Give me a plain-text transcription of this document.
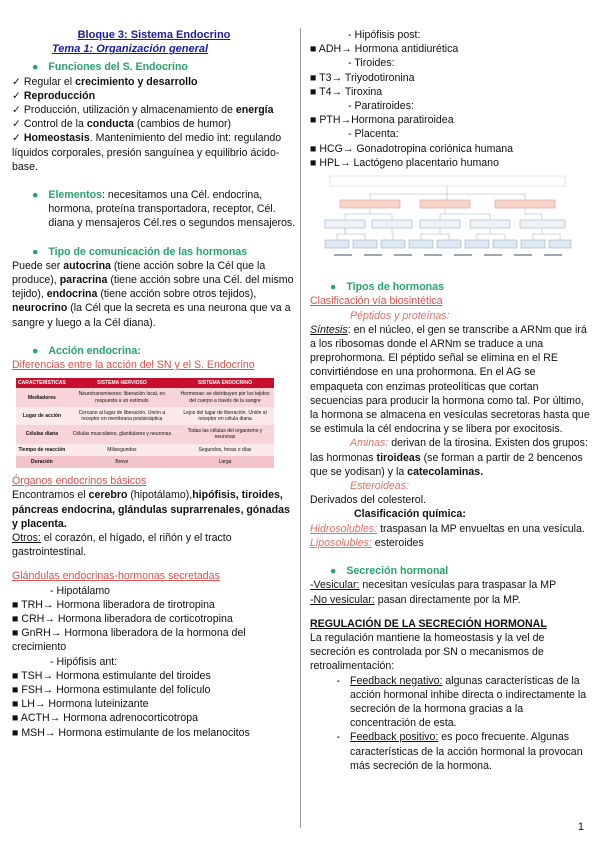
Bloque 3: Sistema Endocrino
Tema 1: Organización general
● Funciones del S. Endocrino
✓ Regular el crecimiento y desarrollo
✓ Reproducción
✓ Producción, utilización y almacenamiento de energía
✓ Control de la conducta (cambios de humor)
✓ Homeostasis. Mantenimiento del medio int: regulando líquidos corporales, presión sanguínea y equilibrio ácido-base.
● Elementos: necesitamos una Cél. endocrina, hormona, proteína transportadora, receptor, Cél. diana y mensajeros Cél.res o segundos mensajeros.
● Tipo de comunicación de las hormonas

Puede ser autocrina (tiene acción sobre la Cél que la produce), paracrina (tiene acción sobre una Cél. del mismo tejido), endocrina (tiene acción sobre otros tejidos), neurocrino (la Cél que la secreta es una neurona que va a sangre y luego a la Cél diana).

● Acción endocrina:
Diferencias entre la acción del SN y el S. Endocrino
CARACTERÍSTICAS	SISTEMA NERVIOSO	SISTEMA ENDOCRINO
Mediadores	Neurotransmisores: liberación local, en respuesta a un estímulo	Hormonas: se distribuyen por los tejidos del cuerpo a través de la sangre
Lugar de acción	Cercano al lugar de liberación. Unión a receptor en membrana postsináptica	Lejos del lugar de liberación. Unión al receptor en célula diana
Células diana	Células musculares, glandulares y neuronas	Todas las células del organismo y neuronas
Tiempo de reacción	Milisegundos	Segundos, horas o días
Duración	Breve	Larga
Órganos endocrinos básicos

Encontramos el cerebro (hipotálamo),hipófisis, tiroides, páncreas endocrina, glándulas suprarrenales, gónadas y placenta.

Otros: el corazón, el hígado, el riñón y el tracto gastrointestinal.

Glándulas endocrinas-hormonas secretadas
- Hipotálamo
■ TRH→ Hormona liberadora de tirotropina
■ CRH→ Hormona liberadora de corticotropina
■ GnRH→ Hormona liberadora de la hormona del crecimiento
- Hipófisis ant:
■ TSH→ Hormona estimulante del tiroides
■ FSH→ Hormona estimulante del folículo
■ LH→ Hormona luteinizante
■ ACTH→ Hormona adrenocorticotropa
■ MSH→ Hormona estimulante de los melanocitos
- Hipófisis post:
■ ADH→ Hormona antidiurética
- Tiroides:
■ T3→ Triyodotironina
■ T4→ Tiroxina
- Paratiroides:
■ PTH→Hormona paratiroidea
- Placenta:
■ HCG→ Gonadotropina coriónica humana
■ HPL→ Lactógeno placentario humano
● Tipos de hormonas
Clasificación vía biosintética
Péptidos y proteínas:

Síntesis: en el núcleo, el gen se transcribe a ARNm que irá a los ribosomas donde el ARNm se traduce a una preprohormona. El péptido señal se elimina en el RE convirtiéndose en una prohormona. En el AG se empaqueta con enzimas proteolíticas que cortan secuencias para producir la hormona como tal. Por último, la hormona se almacena en vesículas secretoras hasta que se estimula la cél endocrina y se libera por exocitosis.

Aminas: derivan de la tirosina. Existen dos grupos: las hormonas tiroideas (se forman a partir de 2 bencenos que se yodisan) y la catecolaminas.

Esteroideas:

Derivados del colesterol.

Clasificación química:

Hidrosolubles: traspasan la MP envueltas en una vesícula.

Liposolubles: esteroides

● Secreción hormonal

-Vesicular: necesitan vesículas para traspasar la MP

-No vesicular: pasan directamente por la MP.

REGULACIÓN DE LA SECRECIÓN HORMONAL

La regulación mantiene la homeostasis y la vel de secreción es controlada por SN o mecanismos de retroalimentación:

- Feedback negativo: algunas características de la acción hormonal inhibe directa o indirectamente la secreción de la hormona gracias a la concentración de esta.
- Feedback positivo: es poco frecuente. Algunas características de la acción hormonal la provocan más secreción de la hormona.
1
